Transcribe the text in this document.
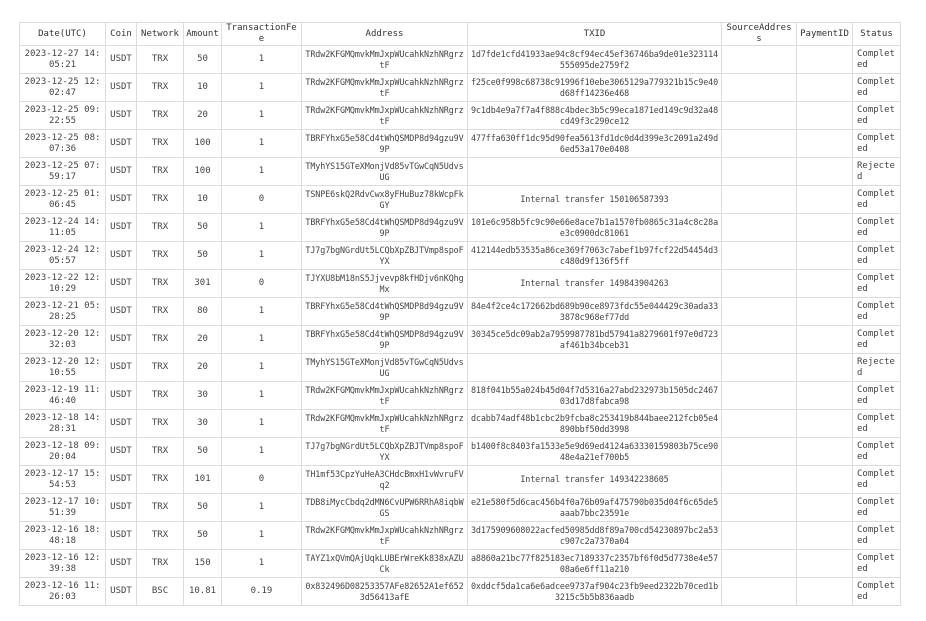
Date(UTC)	Coin	Network	Amount	TransactionFee	Address	TXID	SourceAddress	PaymentID	Status
2023-12-27 14:05:21	USDT	TRX	50	1	TRdw2KFGMQmvkMmJxpWUcahkNzhNRgrztF	1d7fde1cfd41933ae94c8cf94ec45ef36746ba9de01e323114555095de2759f2			Completed
2023-12-25 12:02:47	USDT	TRX	10	1	TRdw2KFGMQmvkMmJxpWUcahkNzhNRgrztF	f25ce0f998c68738c91996f10ebe3065129a779321b15c9e40d68ff14236e468			Completed
2023-12-25 09:22:55	USDT	TRX	20	1	TRdw2KFGMQmvkMmJxpWUcahkNzhNRgrztF	9c1db4e9a7f7a4f888c4bdec3b5c99eca1871ed149c9d32a48cd49f3c290ce12			Completed
2023-12-25 08:07:36	USDT	TRX	100	1	TBRFYhxG5e58Cd4tWhQSMDP8d94gzu9V9P	477ffa630ff1dc95d90fea5613fd1dc0d4d399e3c2091a249d6ed53a170e0408			Completed
2023-12-25 07:59:17	USDT	TRX	100	1	TMyhYS15GTeXMonjVd85vTGwCqN5UdvsUG				Rejected
2023-12-25 01:06:45	USDT	TRX	10	0	TSNPE6skQ2RdvCwx8yFHuBuz78kWcpFkGY	Internal transfer 150106587393			Completed
2023-12-24 14:11:05	USDT	TRX	50	1	TBRFYhxG5e58Cd4tWhQSMDP8d94gzu9V9P	101e6c958b5fc9c90e66e8ace7b1a1570fb0865c31a4c8c28ae3c0900dc81061			Completed
2023-12-24 12:05:57	USDT	TRX	50	1	TJ7g7bgNGrdUt5LCQbXpZBJTVmp8spoFYX	412144edb53535a86ce369f7063c7abef1b97fcf22d54454d3c480d9f136f5ff			Completed
2023-12-22 12:10:29	USDT	TRX	301	0	TJYXU8bM18nS5Jjvevp8kfHDjv6nKQhgMx	Internal transfer 149843904263			Completed
2023-12-21 05:28:25	USDT	TRX	80	1	TBRFYhxG5e58Cd4tWhQSMDP8d94gzu9V9P	84e4f2ce4c172662bd689b90ce8973fdc55e044429c30ada333878c968ef77dd			Completed
2023-12-20 12:32:03	USDT	TRX	20	1	TBRFYhxG5e58Cd4tWhQSMDP8d94gzu9V9P	30345ce5dc09ab2a7959987781bd57941a8279601f97e0d723af461b34bceb31			Completed
2023-12-20 12:10:55	USDT	TRX	20	1	TMyhYS15GTeXMonjVd85vTGwCqN5UdvsUG				Rejected
2023-12-19 11:46:40	USDT	TRX	30	1	TRdw2KFGMQmvkMmJxpWUcahkNzhNRgrztF	818f041b55a024b45d04f7d5316a27abd232973b1505dc246703d17d8fabca98			Completed
2023-12-18 14:28:31	USDT	TRX	30	1	TRdw2KFGMQmvkMmJxpWUcahkNzhNRgrztF	dcabb74adf48b1cbc2b9fcba8c253419b844baee212fcb05e4890bbf50dd3998			Completed
2023-12-18 09:20:04	USDT	TRX	50	1	TJ7g7bgNGrdUt5LCQbXpZBJTVmp8spoFYX	b1400f8c8403fa1533e5e9d69ed4124a63330159803b75ce9048e4a21ef700b5			Completed
2023-12-17 15:54:53	USDT	TRX	101	0	TH1mf53CpzYuHeA3CHdcBmxH1vWvruFVq2	Internal transfer 149342238605			Completed
2023-12-17 10:51:39	USDT	TRX	50	1	TDB8iMycCbdq2dMN6CvUPW6RRhA8iqbWGS	e21e580f5d6cac456b4f0a76b09af475790b035d04f6c65de5aaab7bbc23591e			Completed
2023-12-16 18:48:18	USDT	TRX	50	1	TRdw2KFGMQmvkMmJxpWUcahkNzhNRgrztF	3d175909608022acfed50985dd8f89a700cd54230897bc2a53c907c2a7370a04			Completed
2023-12-16 12:39:38	USDT	TRX	150	1	TAYZ1xQVmQAjUqkLUBErWreKk838xAZUCk	a8860a21bc77f825183ec7189337c2357bf6f0d5d7738e4e5708a6e6ff11a210			Completed
2023-12-16 11:26:03	USDT	BSC	10.81	0.19	0x832496D08253357AFe82652A1ef6523d56413afE	0xddcf5da1ca6e6adcee9737af904c23fb9eed2322b70ced1b3215c5b5b836aadb			Completed
